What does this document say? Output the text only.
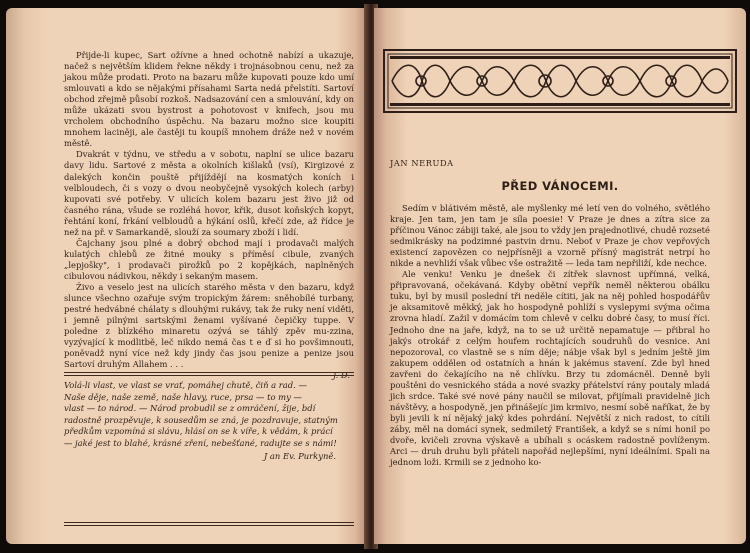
Přijde-li kupec, Sart ožívne a hned ochotně nabízí a ukazuje, načež s největším klidem řekne někdy i trojnásobnou cenu, než za jakou může prodati. Proto na bazaru může kupovati pouze kdo umí smlouvati a kdo se nějakými přísahami Sarta nedá přelstíti. Sartoví obchod zřejmě působí rozkoš. Nadsazování cen a smlouvání, kdy on může ukázati svou bystrost a pohotovost v knifech, jsou mu vrcholem obchodního úspěchu. Na bazaru možno sice koupiti mnohem laciněji, ale častěji tu koupíš mnohem dráže než v novém městě.

Dvakrát v týdnu, ve středu a v sobotu, naplní se ulice bazaru davy lidu. Sartové z města a okolních kišlaků (vsí), Kirgizové z dalekých končin pouště přijíždějí na kosmatých koních i velbloudech, či s vozy o dvou neobyčejně vysokých kolech (arby) kupovati své potřeby. V ulicích kolem bazaru jest živo již od časného rána, všude se rozléhá hovor, křik, dusot koňských kopyt, řehtání koní, frkání velbloudů a hýkání oslů, křečí zde, až řídce je než na př. v Samarkandě, slouží za soumary zboží i lidí.

Čajchany jsou plné a dobrý obchod mají i prodavači malých kulatých chlebů ze žitné mouky s příměsí cibule, zvaných „lepjošky", i prodavači pirožků po 2 kopějkách, naplněných cibulovou nádivkou, někdy i sekaným masem.

Živo a veselo jest na ulicích starého města v den bazaru, když slunce všechno ozařuje svým tropickým žárem: sněhobílé turbany, pestré hedvábné chálaty s dlouhými rukávy, tak že ruky není viděti, i jemně pilnými sartskými ženami vyšívané čepičky tuppe. V poledne z blízkého minaretu ozývá se táhlý zpěv mu-zzina, vyzývající k modlitbě, leč nikdo nemá čas t e ď si ho povšimnouti, poněvadž nyní více než kdy jindy čas jsou penize a penize jsou Sartoví druhým Allahem . . .

J. D.
Volá-li vlast, ve vlast se vrať, pomáhej chutě, čiň a rad. —
Naše děje, naše země, naše hlavy, ruce, prsa — to my —
vlast — to národ. — Národ probudil se z omráčení, žije, bdí
radostně prozpěvuje, k sousedům se zná, je pozdravuje, statným
předkům vzpomíná si slávu, hlásí on se k víře, k vědám, k prácí
— jaké jest to blahé, krásné zření, nebešťané, radujte se s námi!
J an Ev. Purkyně.
JAN NERUDA
PŘED VÁNOCEMI.

Sedím v blátivém městě, ale myšlenky mé letí ven do volného, světlého kraje. Jen tam, jen tam je síla poesie! V Praze je dnes a zítra sice za příčinou Vánoc zábiji také, ale jsou to vždy jen prajednotlivé, chudě rozseté sedmikrásky na podzimné pastvin drnu. Neboť v Praze je chov vepřových existencí zapovězen co nejpřísněji a vzorně přísný magistrát netrpí ho nikde a nevhliží však vůbec vše ostražitě — leda tam nepřiliží, kde nechce.

Ale venku! Venku je dnešek či zítřek slavnost upřímná, velká, připravovaná, očekávaná. Kdyby obětní vepřík neměl některou obálku tuku, byl by musil poslední tři neděle cítiti, jak na něj pohled hospodářův je aksamitově měkký, jak ho hospodyně pohlíží s vyslepymi svýma očima zrovna hladí. Zažil v domácím tom chlevě v celku dobré časy, to musí říci. Jednoho dne na jaře, když, na to se už určitě nepamatuje — přibral ho jakýs otrokář z celým houfem rochtajících soudruhů do vesnice. Ani nepozoroval, co vlastně se s ním děje; nábje však byl s jedním ještě jim zakupem oddělen od ostatních a hnán k jakémus stavení. Zde byl hned zavřeni do čekajícího na ně chlívku. Brzy tu zdomácněl. Denně byli pouštěni do vesnického stáda a nové svazky přátelství rány poutaly mladá jich srdce. Také své nové pány naučil se milovat, přijímali pravidelně jich návštěvy, a hospodyně, jen přinášejíc jim krmivo, nesmí sobě naříkat, že by byli jevili k ní nějaký jaký kdes pohrdání. Největší z nich radost, to cítili záby, měl na domácí synek, sedmiletý František, a když se s ními honil po dvoře, kvičeli zrovna výskavě a ubíhali s ocáskem radostně povlíženym. Arci — druh druhu byli přáteli napořád nejlepšími, nyní ideálními. Spali na jednom loži. Krmili se z jednoho ko-
